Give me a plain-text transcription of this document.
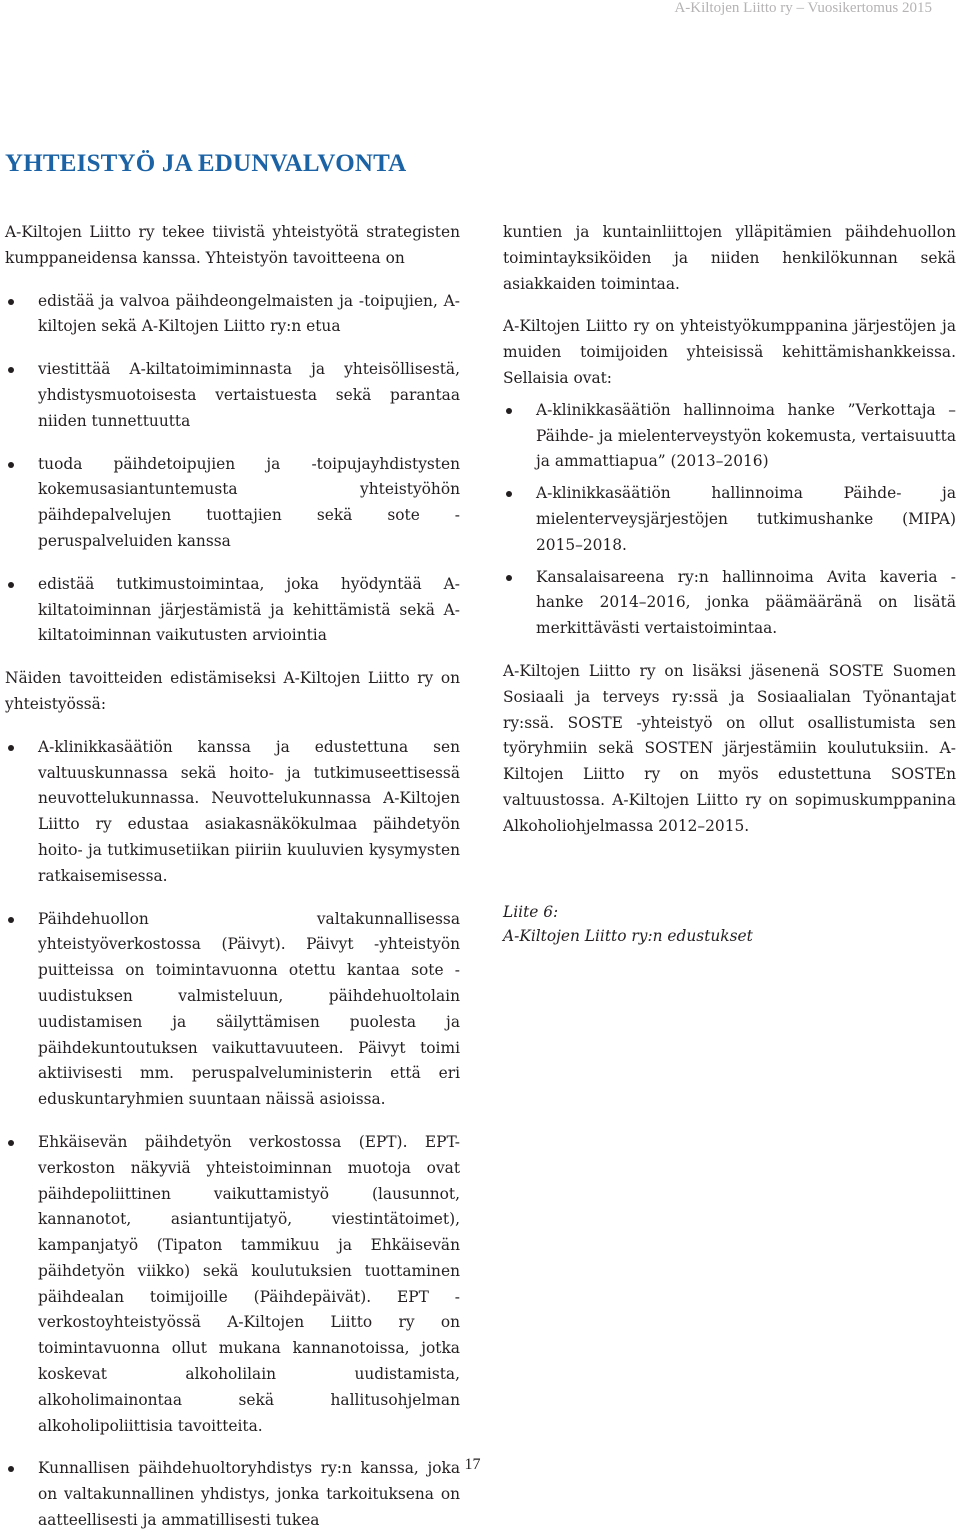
A-Kiltojen Liitto ry – Vuosikertomus 2015
YHTEISTYÖ JA EDUNVALVONTA

A-Kiltojen Liitto ry tekee tiivistä yhteistyötä strategisten kumppaneidensa kanssa. Yhteistyön tavoitteena on

edistää ja valvoa päihdeongelmaisten ja -toipujien, A-kiltojen sekä A-Kiltojen Liitto ry:n etua
viestittää A-kiltatoimiminnasta ja yhteisöllisestä, yhdistysmuotoisesta vertaistuesta sekä parantaa niiden tunnettuutta
tuoda päihdetoipujien ja -toipujayhdistysten kokemusasiantuntemusta yhteistyöhön päihdepalvelujen tuottajien sekä sote -peruspalveluiden kanssa
edistää tutkimustoimintaa, joka hyödyntää A-kiltatoiminnan järjestämistä ja kehittämistä sekä A-kiltatoiminnan vaikutusten arviointia

Näiden tavoitteiden edistämiseksi A-Kiltojen Liitto ry on yhteistyössä:

A-klinikkasäätiön kanssa ja edustettuna sen valtuuskunnassa sekä hoito- ja tutkimuseettisessä neuvottelukunnassa. Neuvottelukunnassa A-Kiltojen Liitto ry edustaa asiakasnäkökulmaa päihdetyön hoito- ja tutkimusetiikan piiriin kuuluvien kysymysten ratkaisemisessa.
Päihdehuollon valtakunnallisessa yhteistyöverkostossa (Päivyt). Päivyt -yhteistyön puitteissa on toimintavuonna otettu kantaa sote -uudistuksen valmisteluun, päihdehuoltolain uudistamisen ja säilyttämisen puolesta ja päihdekuntoutuksen vaikuttavuuteen. Päivyt toimi aktiivisesti mm. peruspalveluministerin että eri eduskuntaryhmien suuntaan näissä asioissa.
Ehkäisevän päihdetyön verkostossa (EPT). EPT-verkoston näkyviä yhteistoiminnan muotoja ovat päihdepoliittinen vaikuttamistyö (lausunnot, kannanotot, asiantuntijatyö, viestintätoimet), kampanjatyö (Tipaton tammikuu ja Ehkäisevän päihdetyön viikko) sekä koulutuksien tuottaminen päihdealan toimijoille (Päihdepäivät). EPT -verkostoyhteistyössä A-Kiltojen Liitto ry on toimintavuonna ollut mukana kannanotoissa, jotka koskevat alkoholilain uudistamista, alkoholimainontaa sekä hallitusohjelman alkoholipoliittisia tavoitteita.
Kunnallisen päihdehuoltoryhdistys ry:n kanssa, joka on valtakunnallinen yhdistys, jonka tarkoituksena on aatteellisesti ja ammatillisesti tukea

kuntien ja kuntainliittojen ylläpitämien päihdehuollon toimintayksiköiden ja niiden henkilökunnan sekä asiakkaiden toimintaa.

A-Kiltojen Liitto ry on yhteistyökumppanina järjestöjen ja muiden toimijoiden yhteisissä kehittämishankkeissa. Sellaisia ovat:

A-klinikkasäätiön hallinnoima hanke ”Verkottaja – Päihde- ja mielenterveystyön kokemusta, vertaisuutta ja ammattiapua” (2013–2016)
A-klinikkasäätiön hallinnoima Päihde- ja mielenterveysjärjestöjen tutkimushanke (MIPA) 2015–2018.
Kansalaisareena ry:n hallinnoima Avita kaveria -hanke 2014–2016, jonka päämääränä on lisätä merkittävästi vertaistoimintaa.

A-Kiltojen Liitto ry on lisäksi jäsenenä SOSTE Suomen Sosiaali ja terveys ry:ssä ja Sosiaalialan Työnantajat ry:ssä. SOSTE -yhteistyö on ollut osallistumista sen työryhmiin sekä SOSTEN järjestämiin koulutuksiin. A-Kiltojen Liitto ry on myös edustettuna SOSTEn valtuustossa. A-Kiltojen Liitto ry on sopimuskumppanina Alkoholiohjelmassa 2012–2015.

Liite 6:
A-Kiltojen Liitto ry:n edustukset
17
